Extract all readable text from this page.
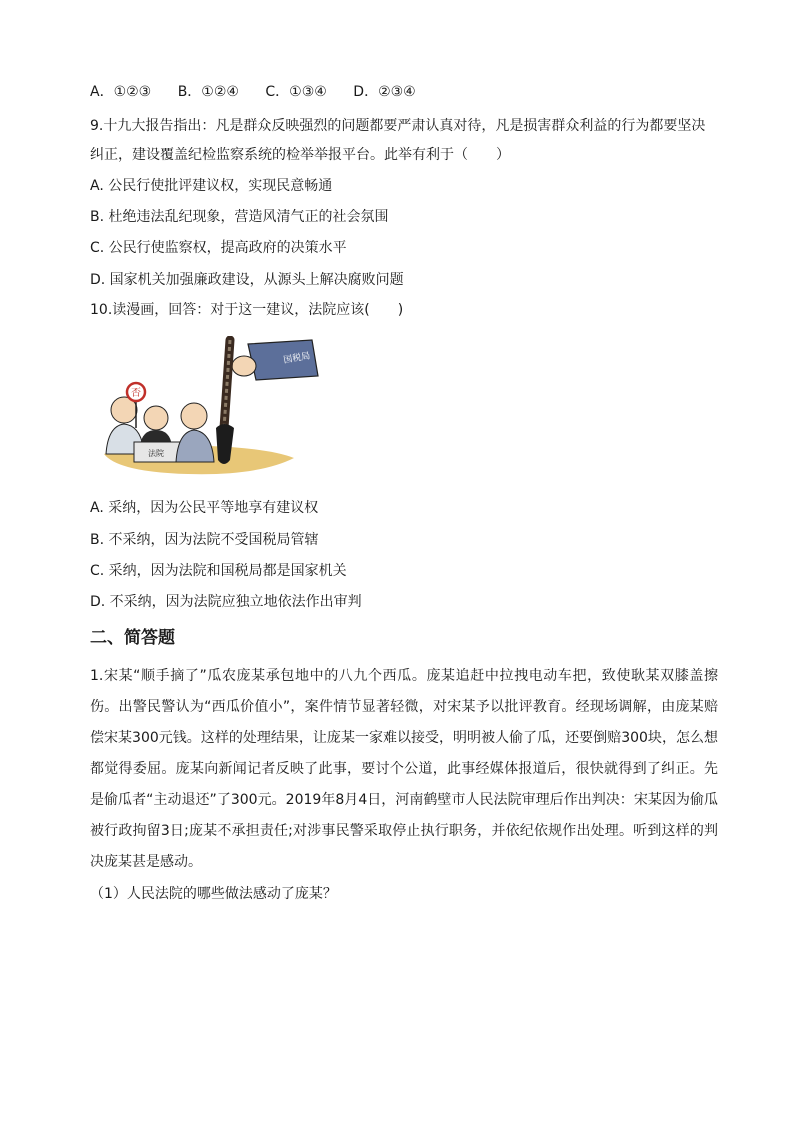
A．①②③ B．①②④ C．①③④ D．②③④
9.十九大报告指出：凡是群众反映强烈的问题都要严肃认真对待，凡是损害群众利益的行为都要坚决
纠正，建设覆盖纪检监察系统的检举举报平台。此举有利于（　　）
A. 公民行使批评建议权，实现民意畅通
B. 杜绝违法乱纪现象，营造风清气正的社会氛围
C. 公民行使监察权，提高政府的决策水平
D. 国家机关加强廉政建设，从源头上解决腐败问题
10.读漫画，回答：对于这一建议，法院应该(　　)
国税局
否
法院
A. 采纳，因为公民平等地享有建议权
B. 不采纳，因为法院不受国税局管辖
C. 采纳，因为法院和国税局都是国家机关
D. 不采纳，因为法院应独立地依法作出审判
二、简答题
1.宋某“顺手摘了”瓜农庞某承包地中的八九个西瓜。庞某追赶中拉拽电动车把，致使耿某双膝盖擦伤。出警民警认为“西瓜价值小”，案件情节显著轻微，对宋某予以批评教育。经现场调解，由庞某赔偿宋某300元钱。这样的处理结果，让庞某一家难以接受，明明被人偷了瓜，还要倒赔300块，怎么想都觉得委屈。庞某向新闻记者反映了此事，要讨个公道，此事经媒体报道后，很快就得到了纠正。先是偷瓜者“主动退还”了300元。2019年8月4日，河南鹤壁市人民法院审理后作出判决：宋某因为偷瓜被行政拘留3日;庞某不承担责任;对涉事民警采取停止执行职务，并依纪依规作出处理。听到这样的判决庞某甚是感动。
（1）人民法院的哪些做法感动了庞某？
